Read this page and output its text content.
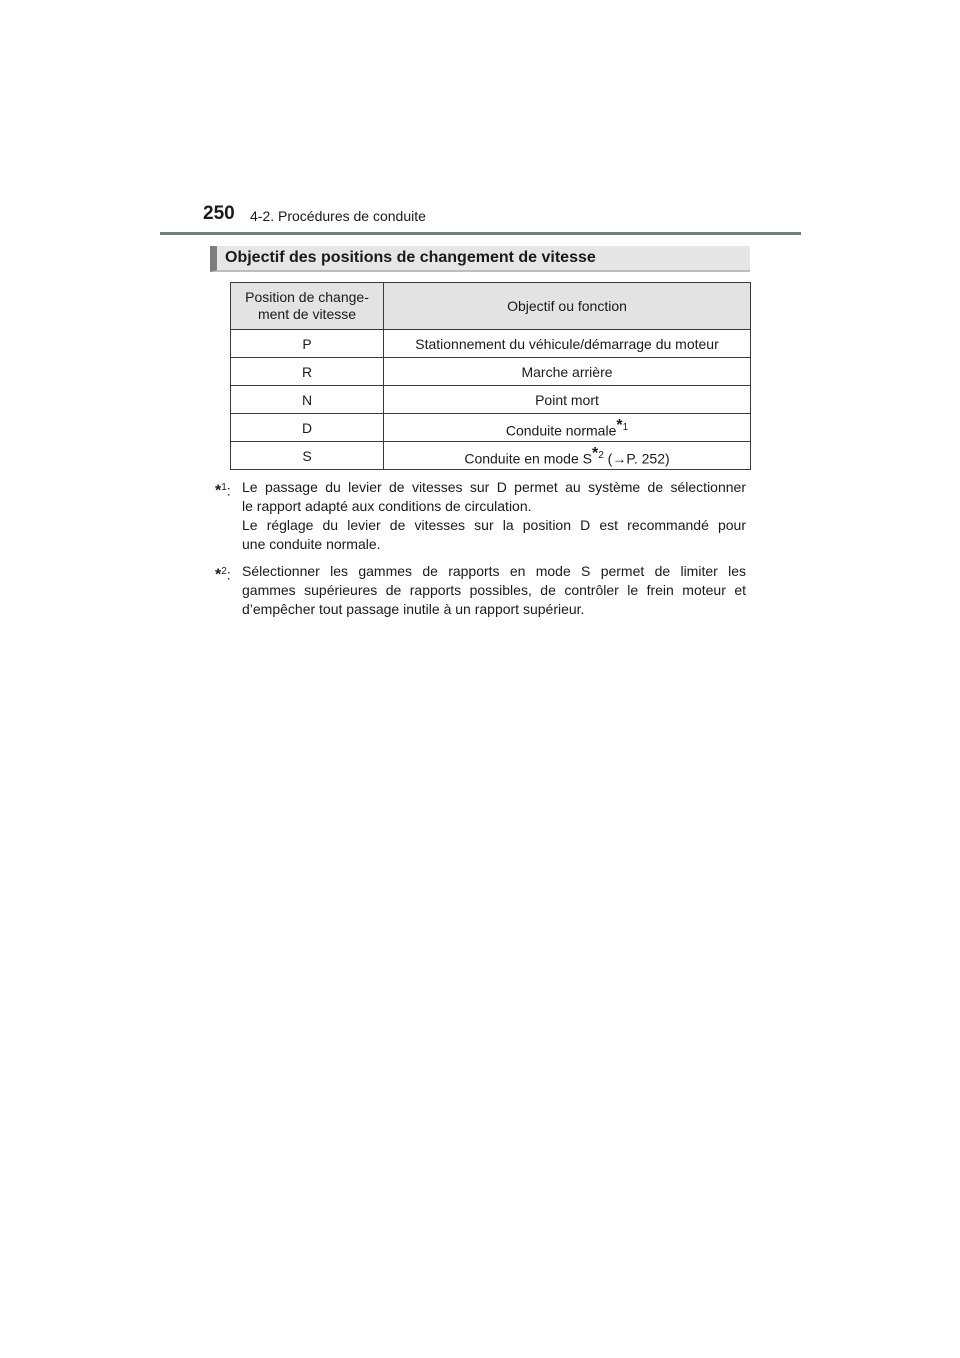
250 4-2. Procédures de conduite
Objectif des positions de changement de vitesse
Position de change-
ment de vitesse	Objectif ou fonction
P	Stationnement du véhicule/démarrage du moteur
R	Marche arrière
N	Point mort
D	Conduite normale$^{*1}$
S	Conduite en mode $S^{*2}$ (→P. 252)
*$^1$: Le passage du levier de vitesses sur D permet au système de sélectionner
le rapport adapté aux conditions de circulation.
Le réglage du levier de vitesses sur la position D est recommandé pour
une conduite normale.
*$^2$: Sélectionner les gammes de rapports en mode S permet de limiter les
gammes supérieures de rapports possibles, de contrôler le frein moteur et
d’empêcher tout passage inutile à un rapport supérieur.
